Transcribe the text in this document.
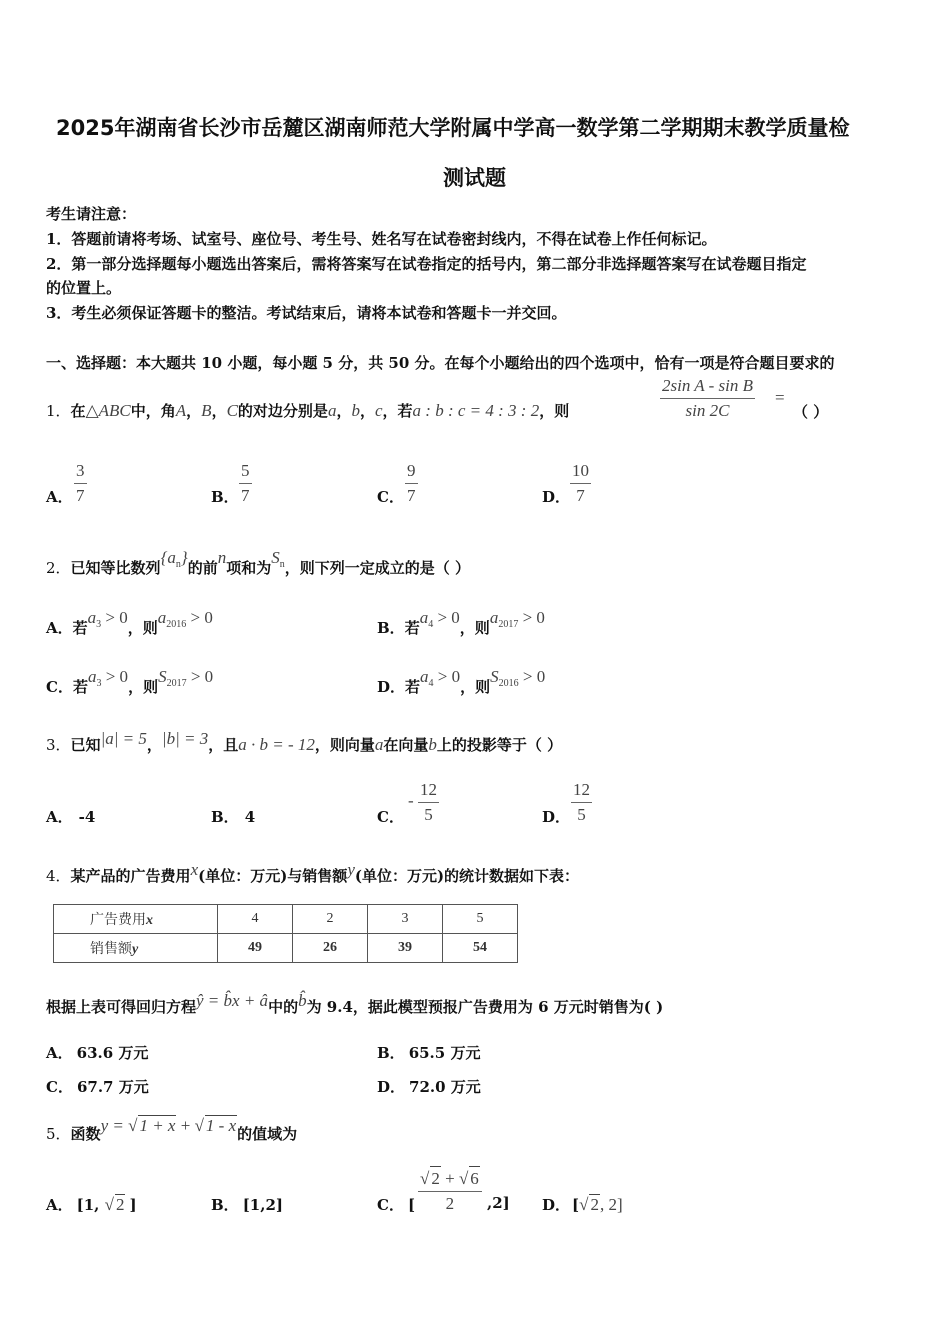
2025年湖南省长沙市岳麓区湖南师范大学附属中学高一数学第二学期期末教学质量检
测试题
考生请注意：
1．答题前请将考场、试室号、座位号、考生号、姓名写在试卷密封线内，不得在试卷上作任何标记。
2．第一部分选择题每小题选出答案后，需将答案写在试卷指定的括号内，第二部分非选择题答案写在试卷题目指定
的位置上。
3．考生必须保证答题卡的整洁。考试结束后，请将本试卷和答题卡一并交回。
一、选择题：本大题共 10 小题，每小题 5 分，共 50 分。在每个小题给出的四个选项中，恰有一项是符合题目要求的
1．在△ABC中，角A，B，C的对边分别是a，b，c，若a : b : c = 4 : 3 : 2，则
2sin A - sin B
sin 2C
=
（ ）
A．
3
7	B．
5
7	C．
9
7	D．
10
7
2．已知等比数列$\{a_n\}$的前n项和为$S_n$，则下列一定成立的是（ ）
A．若$a_3 > 0$，则$a_{2016} > 0$
B．若$a_4 > 0$，则$a_{2017} > 0$
C．若$a_3 > 0$，则$S_{2017} > 0$
D．若$a_4 > 0$，则$S_{2016} > 0$
3．已知|a| = 5，|b| = 3，且a · b = - 12，则向量a在向量b上的投影等于（ ）
A． -4	B． 4	C．
-
12
5	D．
12
5
4．某产品的广告费用x(单位：万元)与销售额y(单位：万元)的统计数据如下表：
广告费用x	4	2	3	5
销售额y	49	26	39	54
根据上表可得回归方程ŷ = b̂x + â中的b̂为 9.4，据此模型预报广告费用为 6 万元时销售为( )
A． 63.6 万元	B． 65.5 万元
C． 67.7 万元	D． 72.0 万元
5．函数y = √ 1 + x + √ 1 - x的值域为
A． [1, √ 2 ]	B． [1,2]	C． [
√ 2 + √ 6
2	,2] D． [√ 2, 2]
